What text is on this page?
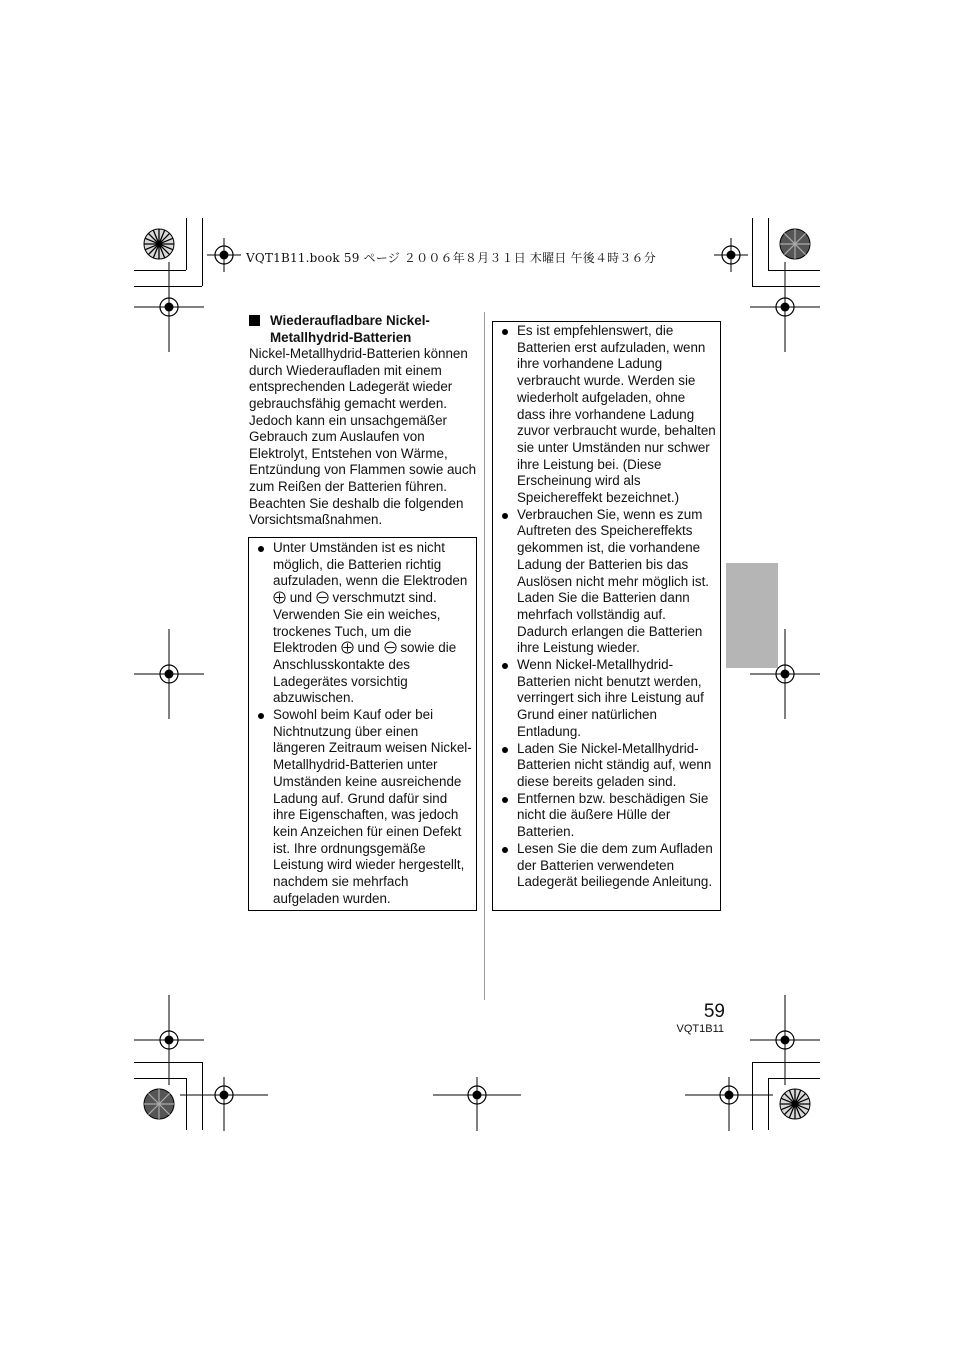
VQT1B11.book 59 ページ ２００６年８月３１日 木曜日 午後４時３６分
Wiederaufladbare Nickel-
Metallhydrid-Batterien

Nickel-Metallhydrid-Batterien können durch Wiederaufladen mit einem entsprechenden Ladegerät wieder gebrauchsfähig gemacht werden. Jedoch kann ein unsachgemäßer Gebrauch zum Auslaufen von Elektrolyt, Entstehen von Wärme, Entzündung von Flammen sowie auch zum Reißen der Batterien führen. Beachten Sie deshalb die folgenden Vorsichtsmaßnahmen.

Unter Umständen ist es nicht möglich, die Batterien richtig aufzuladen, wenn die Elektroden  und verschmutzt sind. Verwenden Sie ein weiches, trockenes Tuch, um die Elektroden und sowie die Anschlusskontakte des Ladegerätes vorsichtig abzuwischen.
Sowohl beim Kauf oder bei Nichtnutzung über einen längeren Zeitraum weisen Nickel-Metallhydrid-Batterien unter Umständen keine ausreichende Ladung auf. Grund dafür sind ihre Eigenschaften, was jedoch kein Anzeichen für einen Defekt ist. Ihre ordnungsgemäße Leistung wird wieder hergestellt, nachdem sie mehrfach aufgeladen wurden.
Es ist empfehlenswert, die Batterien erst aufzuladen, wenn ihre vorhandene Ladung verbraucht wurde. Werden sie wiederholt aufgeladen, ohne dass ihre vorhandene Ladung zuvor verbraucht wurde, behalten sie unter Umständen nur schwer ihre Leistung bei. (Diese Erscheinung wird als Speichereffekt bezeichnet.)
Verbrauchen Sie, wenn es zum Auftreten des Speichereffekts gekommen ist, die vorhandene Ladung der Batterien bis das Auslösen nicht mehr möglich ist. Laden Sie die Batterien dann mehrfach vollständig auf. Dadurch erlangen die Batterien ihre Leistung wieder.
Wenn Nickel-Metallhydrid-Batterien nicht benutzt werden, verringert sich ihre Leistung auf Grund einer natürlichen Entladung.
Laden Sie Nickel-Metallhydrid-Batterien nicht ständig auf, wenn diese bereits geladen sind.
Entfernen bzw. beschädigen Sie nicht die äußere Hülle der Batterien.
Lesen Sie die dem zum Aufladen der Batterien verwendeten Ladegerät beiliegende Anleitung.
59
VQT1B11
